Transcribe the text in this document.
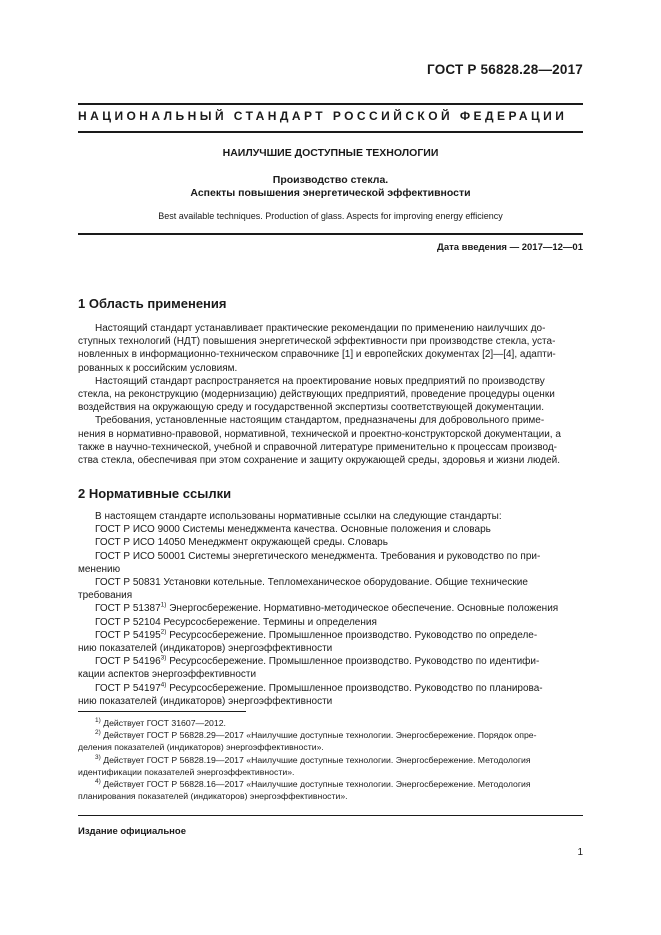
ГОСТ Р 56828.28—2017
НАЦИОНАЛЬНЫЙ СТАНДАРТ РОССИЙСКОЙ ФЕДЕРАЦИИ
НАИЛУЧШИЕ ДОСТУПНЫЕ ТЕХНОЛОГИИ
Производство стекла.
Аспекты повышения энергетической эффективности
Best available techniques. Production of glass. Aspects for improving energy efficiency
Дата введения — 2017—12—01
1 Область применения
Настоящий стандарт устанавливает практические рекомендации по применению наилучших до-
ступных технологий (НДТ) повышения энергетической эффективности при производстве стекла, уста-
новленных в информационно-техническом справочнике [1] и европейских документах [2]—[4], адапти-
рованных к российским условиям.
Настоящий стандарт распространяется на проектирование новых предприятий по производству
стекла, на реконструкцию (модернизацию) действующих предприятий, проведение процедуры оценки
воздействия на окружающую среду и государственной экспертизы соответствующей документации.
Требования, установленные настоящим стандартом, предназначены для добровольного приме-
нения в нормативно-правовой, нормативной, технической и проектно-конструкторской документации, а
также в научно-технической, учебной и справочной литературе применительно к процессам производ-
ства стекла, обеспечивая при этом сохранение и защиту окружающей среды, здоровья и жизни людей.
2 Нормативные ссылки
В настоящем стандарте использованы нормативные ссылки на следующие стандарты:
ГОСТ Р ИСО 9000 Системы менеджмента качества. Основные положения и словарь
ГОСТ Р ИСО 14050 Менеджмент окружающей среды. Словарь
ГОСТ Р ИСО 50001 Системы энергетического менеджмента. Требования и руководство по при-
менению
ГОСТ Р 50831 Установки котельные. Тепломеханическое оборудование. Общие технические
требования
ГОСТ Р 51387$^{1)}$ Энергосбережение. Нормативно-методическое обеспечение. Основные положения
ГОСТ Р 52104 Ресурсосбережение. Термины и определения
ГОСТ Р 54195$^{2)}$ Ресурсосбережение. Промышленное производство. Руководство по определе-
нию показателей (индикаторов) энергоэффективности
ГОСТ Р 54196$^{3)}$ Ресурсосбережение. Промышленное производство. Руководство по идентифи-
кации аспектов энергоэффективности
ГОСТ Р 54197$^{4)}$ Ресурсосбережение. Промышленное производство. Руководство по планирова-
нию показателей (индикаторов) энергоэффективности
$^{1)}$ Действует ГОСТ 31607—2012.
$^{2)}$ Действует ГОСТ Р 56828.29—2017 «Наилучшие доступные технологии. Энергосбережение. Порядок опре-
деления показателей (индикаторов) энергоэффективности».
$^{3)}$ Действует ГОСТ Р 56828.19—2017 «Наилучшие доступные технологии. Энергосбережение. Методология
идентификации показателей энергоэффективности».
$^{4)}$ Действует ГОСТ Р 56828.16—2017 «Наилучшие доступные технологии. Энергосбережение. Методология
планирования показателей (индикаторов) энергоэффективности».
Издание официальное
1
